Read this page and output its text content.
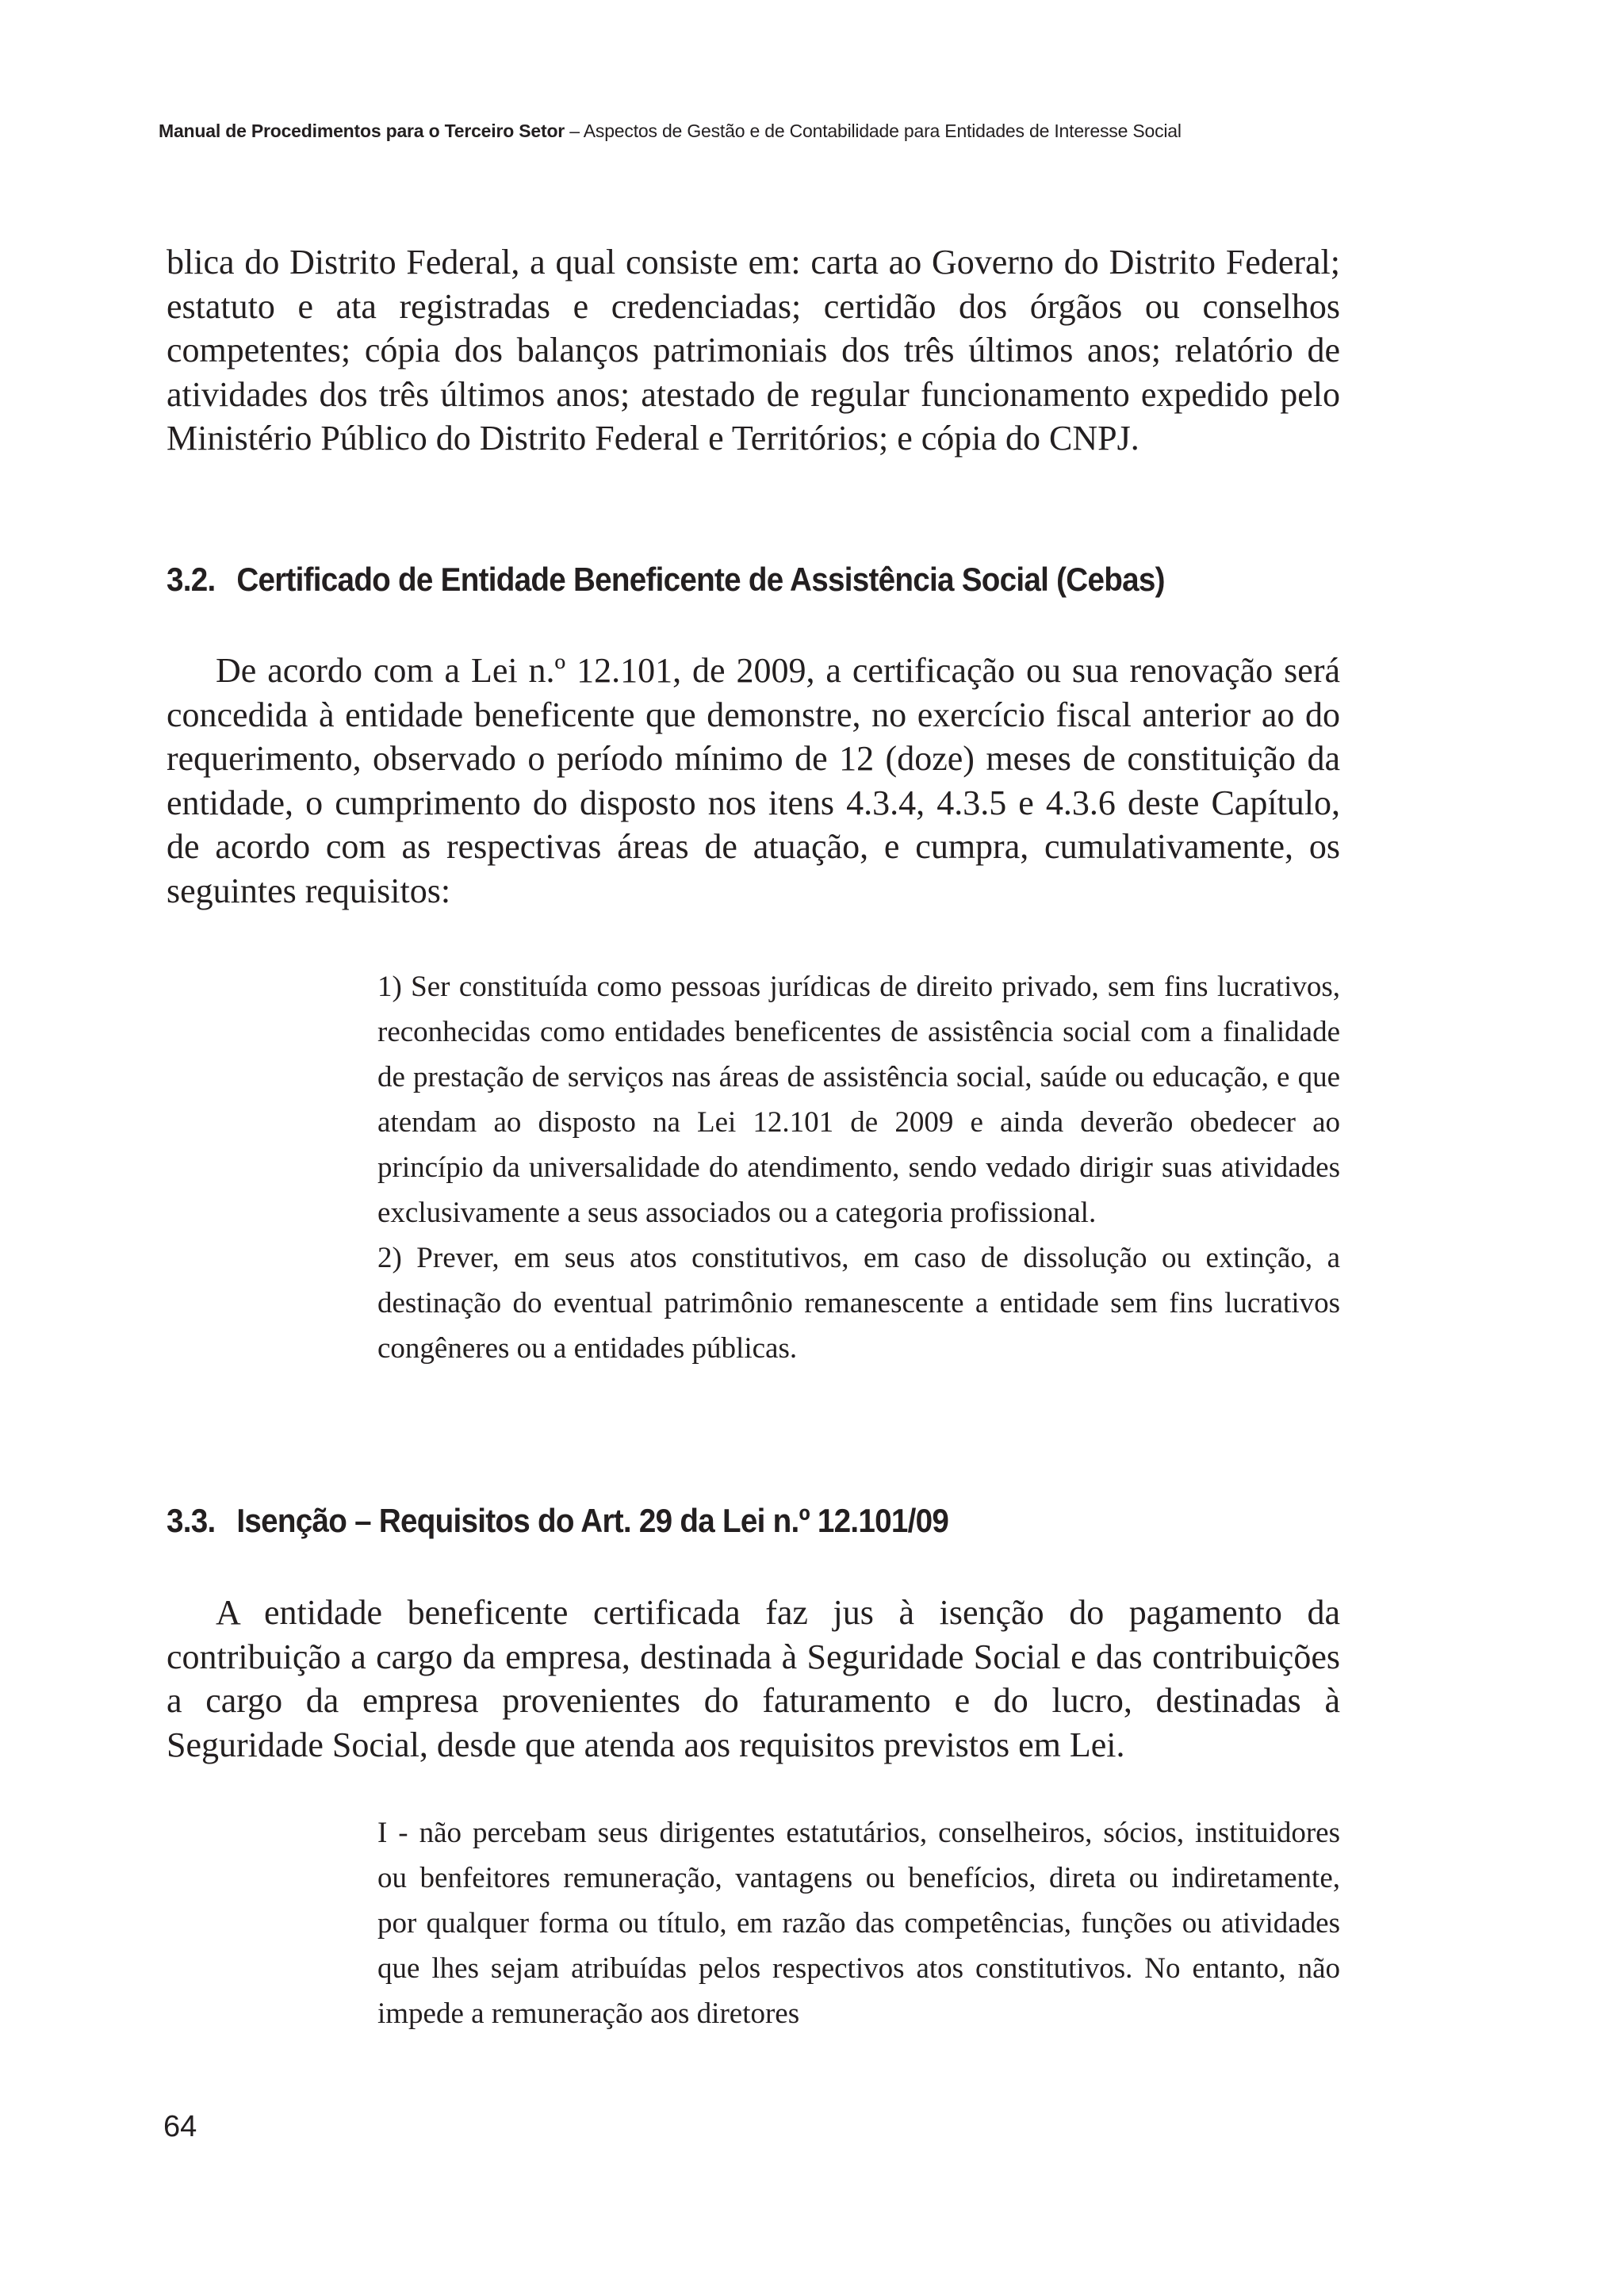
Manual de Procedimentos para o Terceiro Setor – Aspectos de Gestão e de Contabilidade para Entidades de Interesse Social

blica do Distrito Federal, a qual consiste em: carta ao Governo do Distrito Federal; estatuto e ata registradas e credenciadas; certidão dos órgãos ou conselhos competentes; cópia dos balanços patrimoniais dos três últimos anos; relatório de atividades dos três últimos anos; atestado de regular funcionamento expedido pelo Ministério Público do Distrito Federal e Territórios; e cópia do CNPJ.

3.2. Certificado de Entidade Beneficente de Assistência Social (Cebas)

De acordo com a Lei n.º 12.101, de 2009, a certificação ou sua renovação será concedida à entidade beneficente que demonstre, no exercício fiscal anterior ao do requerimento, observado o período mínimo de 12 (doze) meses de constituição da entidade, o cumprimento do disposto nos itens 4.3.4, 4.3.5 e 4.3.6 deste Capítulo, de acordo com as respectivas áreas de atuação, e cumpra, cumulativamente, os seguintes requisitos:

1) Ser constituída como pessoas jurídicas de direito privado, sem fins lucrativos, reconhecidas como entidades beneficentes de assistência social com a finalidade de prestação de serviços nas áreas de assistência social, saúde ou educação, e que atendam ao disposto na Lei 12.101 de 2009 e ainda deverão obedecer ao princípio da universalidade do atendimento, sendo vedado dirigir suas atividades exclusivamente a seus associados ou a categoria profissional.

2) Prever, em seus atos constitutivos, em caso de dissolução ou extinção, a destinação do eventual patrimônio remanescente a entidade sem fins lucrativos congêneres ou a entidades públicas.

3.3. Isenção – Requisitos do Art. 29 da Lei n.º 12.101/09

A entidade beneficente certificada faz jus à isenção do pagamento da contribuição a cargo da empresa, destinada à Seguridade Social e das contribuições a cargo da empresa provenientes do faturamento e do lucro, destinadas à Seguridade Social, desde que atenda aos requisitos previstos em Lei.

I - não percebam seus dirigentes estatutários, conselheiros, sócios, instituidores ou benfeitores remuneração, vantagens ou benefícios, direta ou indiretamente, por qualquer forma ou título, em razão das competências, funções ou atividades que lhes sejam atribuídas pelos respectivos atos constitutivos. No entanto, não impede a remuneração aos diretores

64
